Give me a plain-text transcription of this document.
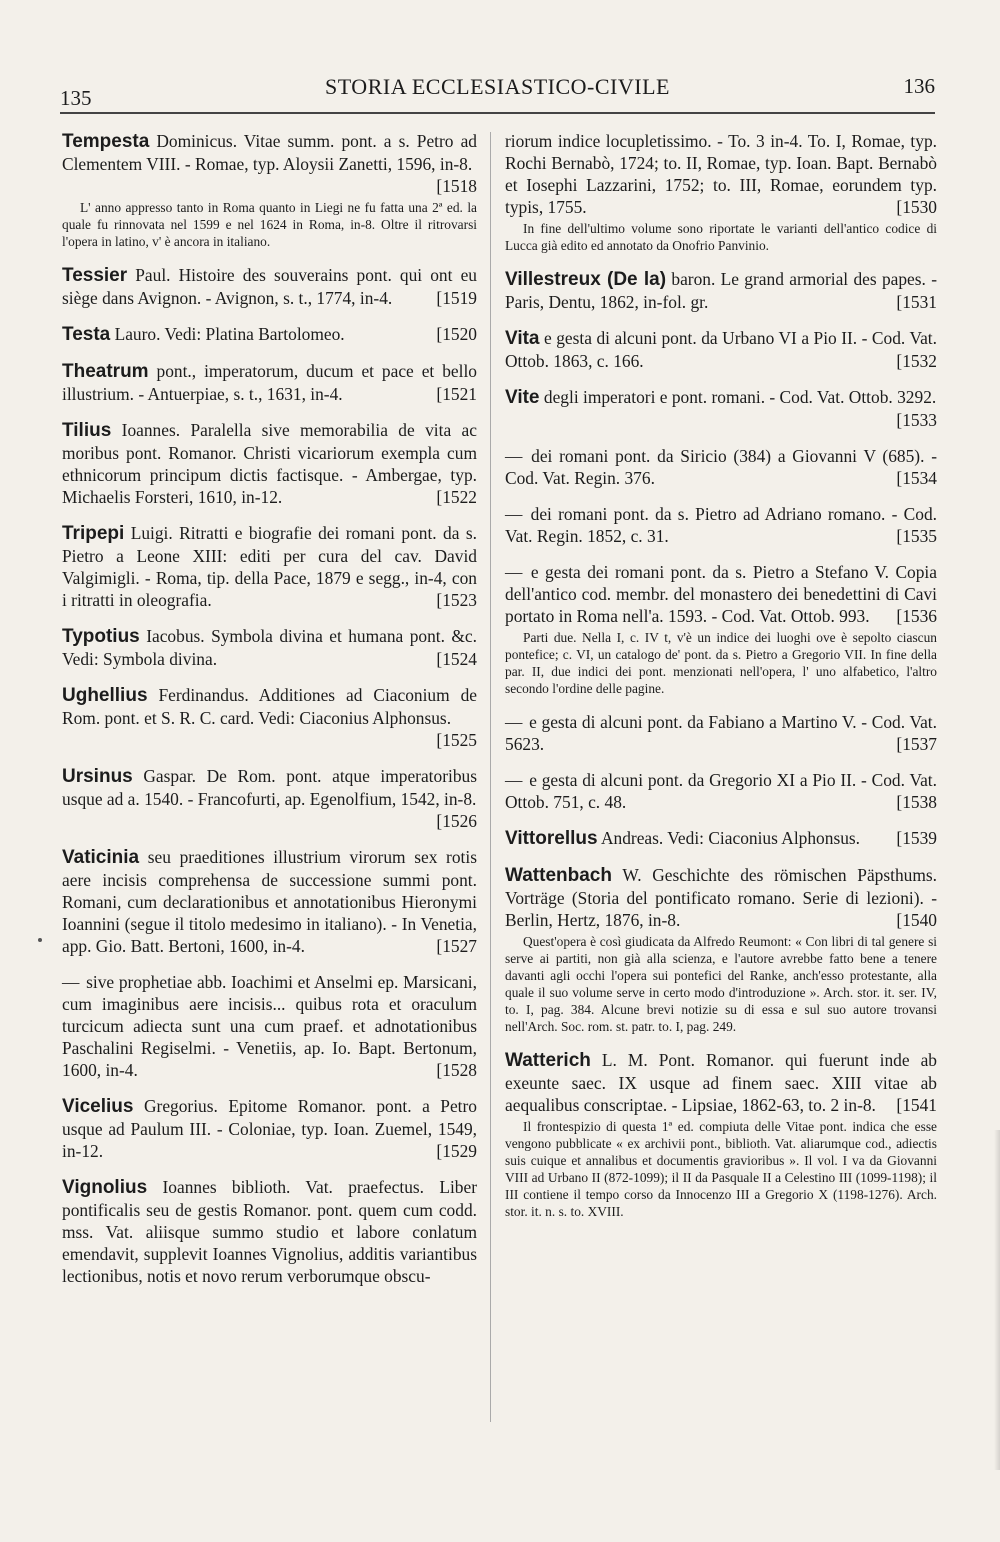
135	STORIA ECCLESIASTICO-CIVILE	136
Tempesta Dominicus. Vitae summ. pont. a s. Petro ad Clementem VIII. - Romae, typ. Aloysii Zanetti, 1596, in-8.
[1518
L' anno appresso tanto in Roma quanto in Liegi ne fu fatta una 2ª ed. la quale fu rinnovata nel 1599 e nel 1624 in Roma, in-8. Oltre il ritrovarsi l'opera in latino, v' è ancora in italiano.
Tessier Paul. Histoire des souverains pont. qui ont eu siège dans Avignon. - Avignon, s. t., 1774, in-4.	[1519
Testa Lauro. Vedi: Platina Bartolomeo.	[1520
Theatrum pont., imperatorum, ducum et pace et bello illustrium. - Antuerpiae, s. t., 1631, in-4.	[1521
Tilius Ioannes. Paralella sive memorabilia de vita ac moribus pont. Romanor. Christi vicariorum exempla cum ethnicorum principum dictis factisque. - Ambergae, typ. Michaelis Forsteri, 1610, in-12.	[1522
Tripepi Luigi. Ritratti e biografie dei romani pont. da s. Pietro a Leone XIII: editi per cura del cav. David Valgimigli. - Roma, tip. della Pace, 1879 e segg., in-4, con i ritratti in oleografia.	[1523
Typotius Iacobus. Symbola divina et humana pont. &c. Vedi: Symbola divina.	[1524
Ughellius Ferdinandus. Additiones ad Ciaconium de Rom. pont. et S. R. C. card. Vedi: Ciaconius Alphonsus.
[1525
Ursinus Gaspar. De Rom. pont. atque imperatoribus usque ad a. 1540. - Francofurti, ap. Egenolfium, 1542, in-8.
[1526
Vaticinia seu praeditiones illustrium virorum sex rotis aere incisis comprehensa de successione summi pont. Romani, cum declarationibus et annotationibus Hieronymi Ioannini (segue il titolo medesimo in italiano). - In Venetia, app. Gio. Batt. Bertoni, 1600, in-4.	[1527
— sive prophetiae abb. Ioachimi et Anselmi ep. Marsicani, cum imaginibus aere incisis... quibus rota et oraculum turcicum adiecta sunt una cum praef. et adnotationibus Paschalini Regiselmi. - Venetiis, ap. Io. Bapt. Bertonum, 1600, in-4.	[1528
Vicelius Gregorius. Epitome Romanor. pont. a Petro usque ad Paulum III. - Coloniae, typ. Ioan. Zuemel, 1549, in-12.	[1529
Vignolius Ioannes biblioth. Vat. praefectus. Liber pontificalis seu de gestis Romanor. pont. quem cum codd. mss. Vat. aliisque summo studio et labore conlatum emendavit, supplevit Ioannes Vignolius, additis variantibus lectionibus, notis et novo rerum verborumque obscu-
riorum indice locupletissimo. - To. 3 in-4. To. I, Romae, typ. Rochi Bernabò, 1724; to. II, Romae, typ. Ioan. Bapt. Bernabò et Iosephi Lazzarini, 1752; to. III, Romae, eorundem typ. typis, 1755.	[1530
In fine dell'ultimo volume sono riportate le varianti dell'antico codice di Lucca già edito ed annotato da Onofrio Panvinio.
Villestreux (De la) baron. Le grand armorial des papes. - Paris, Dentu, 1862, in-fol. gr.	[1531
Vita e gesta di alcuni pont. da Urbano VI a Pio II. - Cod. Vat. Ottob. 1863, c. 166.	[1532
Vite degli imperatori e pont. romani. - Cod. Vat. Ottob. 3292.
[1533
— dei romani pont. da Siricio (384) a Giovanni V (685). - Cod. Vat. Regin. 376.	[1534
— dei romani pont. da s. Pietro ad Adriano romano. - Cod. Vat. Regin. 1852, c. 31.	[1535
— e gesta dei romani pont. da s. Pietro a Stefano V. Copia dell'antico cod. membr. del monastero dei benedettini di Cavi portato in Roma nell'a. 1593. - Cod. Vat. Ottob. 993. [1536
Parti due. Nella I, c. IV t, v'è un indice dei luoghi ove è sepolto ciascun pontefice; c. VI, un catalogo de' pont. da s. Pietro a Gregorio VII. In fine della par. II, due indici dei pont. menzionati nell'opera, l' uno alfabetico, l'altro secondo l'ordine delle pagine.
— e gesta di alcuni pont. da Fabiano a Martino V. - Cod. Vat. 5623.	[1537
— e gesta di alcuni pont. da Gregorio XI a Pio II. - Cod. Vat. Ottob. 751, c. 48.	[1538
Vittorellus Andreas. Vedi: Ciaconius Alphonsus. [1539
Wattenbach W. Geschichte des römischen Päpsthums. Vorträge (Storia del pontificato romano. Serie di lezioni). - Berlin, Hertz, 1876, in-8.	[1540
Quest'opera è così giudicata da Alfredo Reumont: « Con libri di tal genere si serve ai partiti, non già alla scienza, e l'autore avrebbe fatto bene a tenere davanti agli occhi l'opera sui pontefici del Ranke, anch'esso protestante, alla quale il suo volume serve in certo modo d'introduzione ». Arch. stor. it. ser. IV, to. I, pag. 384. Alcune brevi notizie su di essa e sul suo autore trovansi nell'Arch. Soc. rom. st. patr. to. I, pag. 249.
Watterich L. M. Pont. Romanor. qui fuerunt inde ab exeunte saec. IX usque ad finem saec. XIII vitae ab aequalibus conscriptae. - Lipsiae, 1862-63, to. 2 in-8. [1541
Il frontespizio di questa 1ª ed. compiuta delle Vitae pont. indica che esse vengono pubblicate « ex archivii pont., biblioth. Vat. aliarumque cod., adiectis suis cuique et annalibus et documentis gravioribus ». Il vol. I va da Giovanni VIII ad Urbano II (872-1099); il II da Pasquale II a Celestino III (1099-1198); il III contiene il tempo corso da Innocenzo III a Gregorio X (1198-1276). Arch. stor. it. n. s. to. XVIII.
